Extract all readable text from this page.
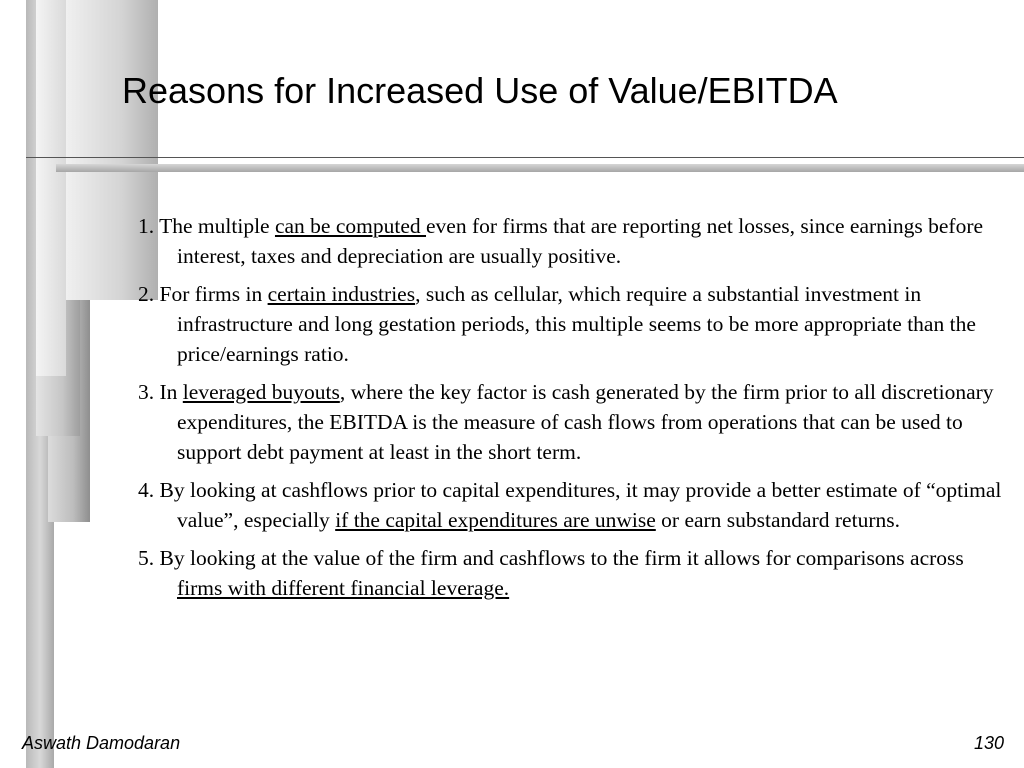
Reasons for Increased Use of Value/EBITDA

1. The multiple can be computed even for firms that are reporting net losses, since earnings before interest, taxes and depreciation are usually positive.

2. For firms in certain industries, such as cellular, which require a substantial investment in infrastructure and long gestation periods, this multiple seems to be more appropriate than the price/earnings ratio.

3. In leveraged buyouts, where the key factor is cash generated by the firm prior to all discretionary expenditures, the EBITDA is the measure of cash flows from operations that can be used to support debt payment at least in the short term.

4. By looking at cashflows prior to capital expenditures, it may provide a better estimate of “optimal value”, especially if the capital expenditures are unwise or earn substandard returns.

5. By looking at the value of the firm and cashflows to the firm it allows for comparisons across firms with different financial leverage.

Aswath Damodaran	130
